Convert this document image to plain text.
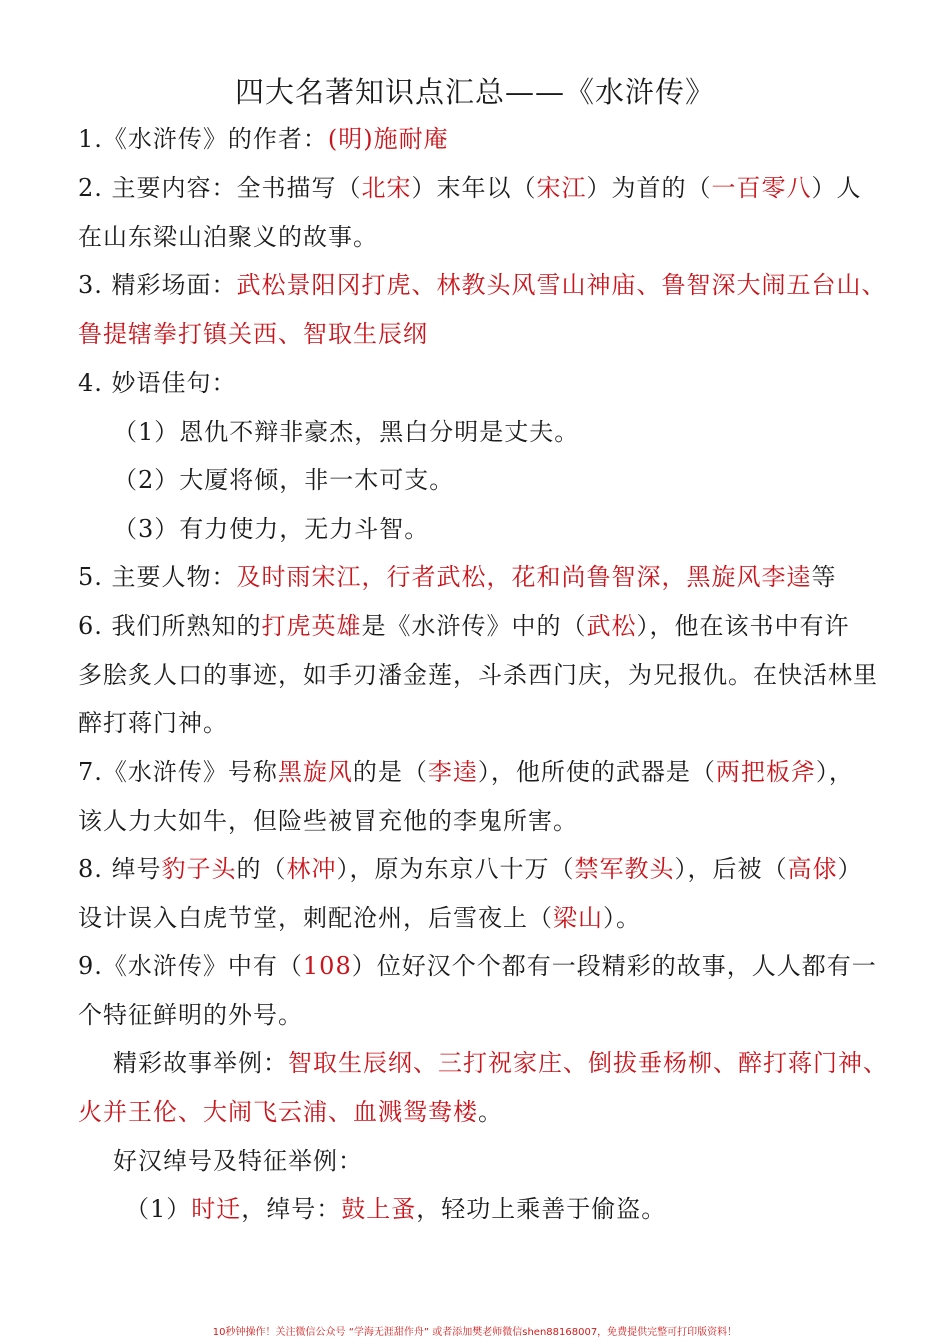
四大名著知识点汇总——《水浒传》
1.《水浒传》的作者：(明)施耐庵
2. 主要内容：全书描写（北宋）末年以（宋江）为首的（一百零八）人
在山东梁山泊聚义的故事。
3. 精彩场面：武松景阳冈打虎、林教头风雪山神庙、鲁智深大闹五台山、
鲁提辖拳打镇关西、智取生辰纲
4. 妙语佳句：
（1）恩仇不辩非豪杰，黑白分明是丈夫。
（2）大厦将倾，非一木可支。
（3）有力使力，无力斗智。
5. 主要人物：及时雨宋江，行者武松，花和尚鲁智深，黑旋风李逵等
6. 我们所熟知的打虎英雄是《水浒传》中的（武松），他在该书中有许
多脍炙人口的事迹，如手刃潘金莲，斗杀西门庆，为兄报仇。在快活林里
醉打蒋门神。
7.《水浒传》号称黑旋风的是（李逵），他所使的武器是（两把板斧），
该人力大如牛，但险些被冒充他的李鬼所害。
8. 绰号豹子头的（林冲），原为东京八十万（禁军教头），后被（高俅）
设计误入白虎节堂，刺配沧州，后雪夜上（梁山）。
9.《水浒传》中有（108）位好汉个个都有一段精彩的故事，人人都有一
个特征鲜明的外号。
精彩故事举例：智取生辰纲、三打祝家庄、倒拔垂杨柳、醉打蒋门神、
火并王伦、大闹飞云浦、血溅鸳鸯楼。
好汉绰号及特征举例：
（1）时迁，绰号：鼓上蚤，轻功上乘善于偷盗。
10秒钟操作！关注微信公众号 “学海无涯甜作舟” 或者添加樊老师微信shen88168007，免费提供完整可打印版资料！
